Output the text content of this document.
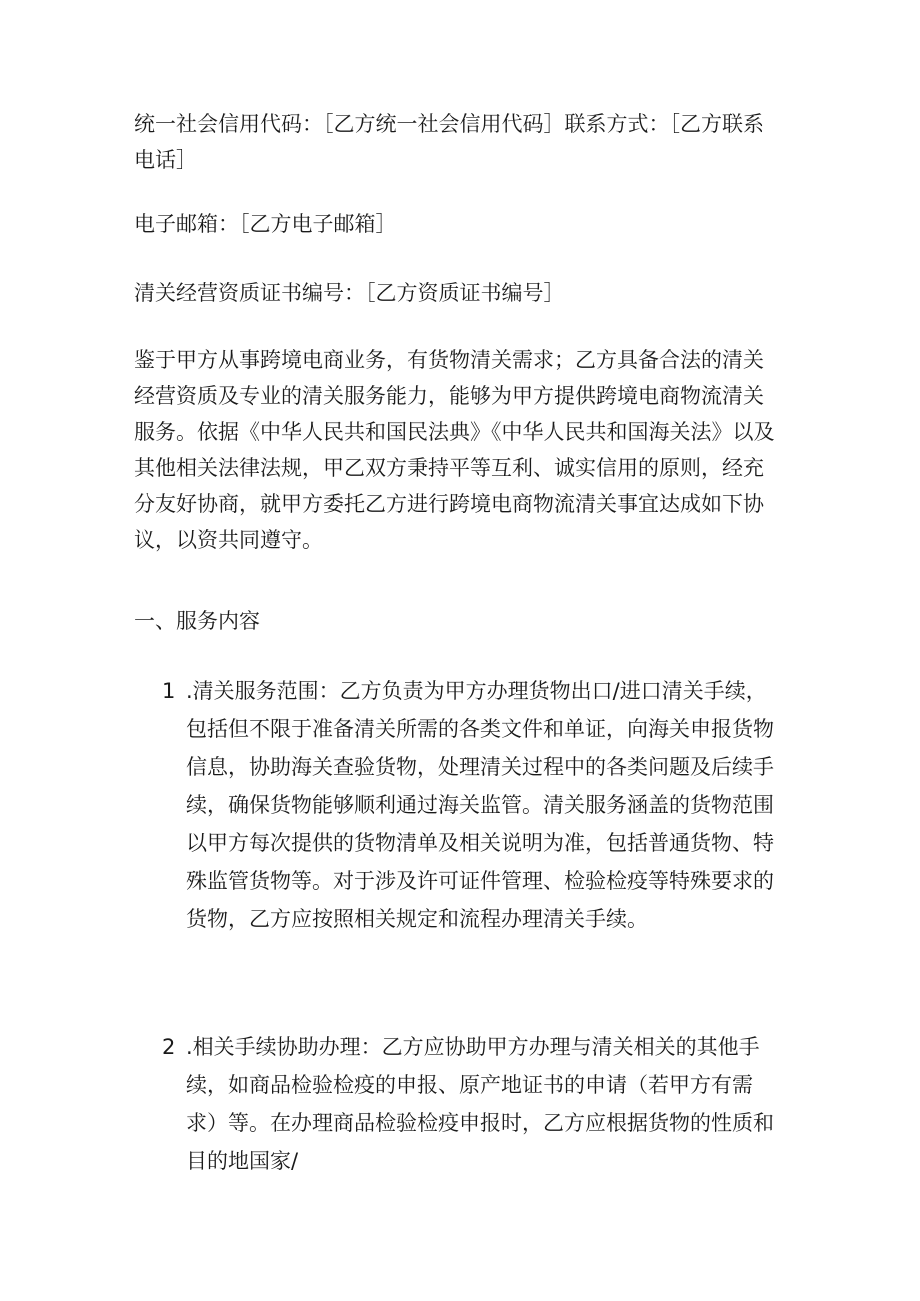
统一社会信用代码：［乙方统一社会信用代码］联系方式：［乙方联系电话］

电子邮箱：［乙方电子邮箱］

清关经营资质证书编号：［乙方资质证书编号］

鉴于甲方从事跨境电商业务，有货物清关需求；乙方具备合法的清关经营资质及专业的清关服务能力，能够为甲方提供跨境电商物流清关服务。依据《中华人民共和国民法典》《中华人民共和国海关法》以及其他相关法律法规，甲乙双方秉持平等互利、诚实信用的原则，经充分友好协商，就甲方委托乙方进行跨境电商物流清关事宜达成如下协议，以资共同遵守。

一、服务内容

1 .清关服务范围：乙方负责为甲方办理货物出口/进口清关手续，包括但不限于准备清关所需的各类文件和单证，向海关申报货物信息，协助海关查验货物，处理清关过程中的各类问题及后续手续，确保货物能够顺利通过海关监管。清关服务涵盖的货物范围以甲方每次提供的货物清单及相关说明为准，包括普通货物、特殊监管货物等。对于涉及许可证件管理、检验检疫等特殊要求的货物，乙方应按照相关规定和流程办理清关手续。
2 .相关手续协助办理：乙方应协助甲方办理与清关相关的其他手续，如商品检验检疫的申报、原产地证书的申请（若甲方有需求）等。在办理商品检验检疫申报时，乙方应根据货物的性质和目的地国家/
